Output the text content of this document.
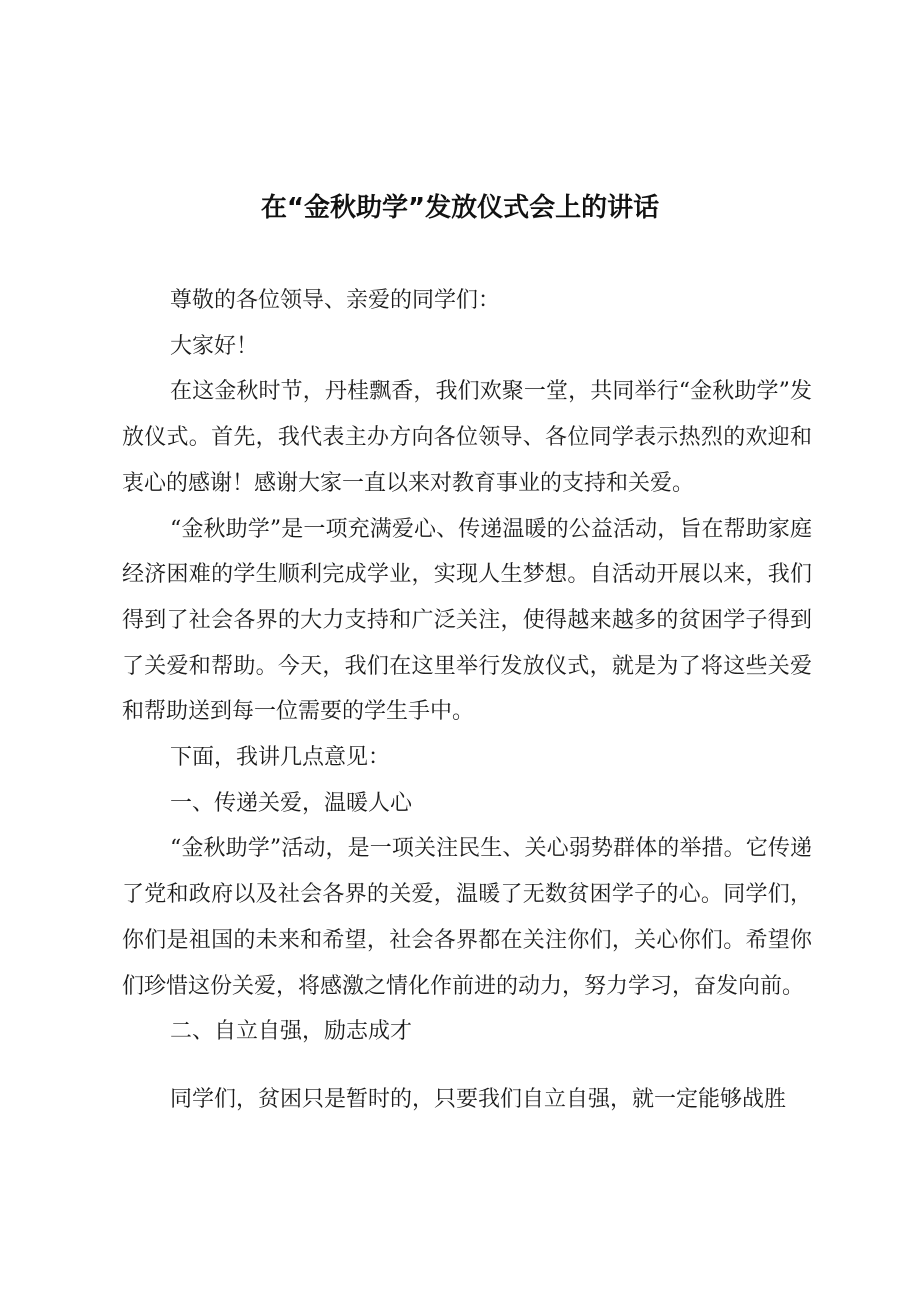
在“金秋助学”发放仪式会上的讲话

尊敬的各位领导、亲爱的同学们：

大家好！

在这金秋时节，丹桂飘香，我们欢聚一堂，共同举行“金秋助学”发放仪式。首先，我代表主办方向各位领导、各位同学表示热烈的欢迎和衷心的感谢！感谢大家一直以来对教育事业的支持和关爱。

“金秋助学”是一项充满爱心、传递温暖的公益活动，旨在帮助家庭经济困难的学生顺利完成学业，实现人生梦想。自活动开展以来，我们得到了社会各界的大力支持和广泛关注，使得越来越多的贫困学子得到了关爱和帮助。今天，我们在这里举行发放仪式，就是为了将这些关爱和帮助送到每一位需要的学生手中。

下面，我讲几点意见：

一、传递关爱，温暖人心

“金秋助学”活动，是一项关注民生、关心弱势群体的举措。它传递了党和政府以及社会各界的关爱，温暖了无数贫困学子的心。同学们，你们是祖国的未来和希望，社会各界都在关注你们，关心你们。希望你们珍惜这份关爱，将感激之情化作前进的动力，努力学习，奋发向前。

二、自立自强，励志成才

同学们，贫困只是暂时的，只要我们自立自强，就一定能够战胜
